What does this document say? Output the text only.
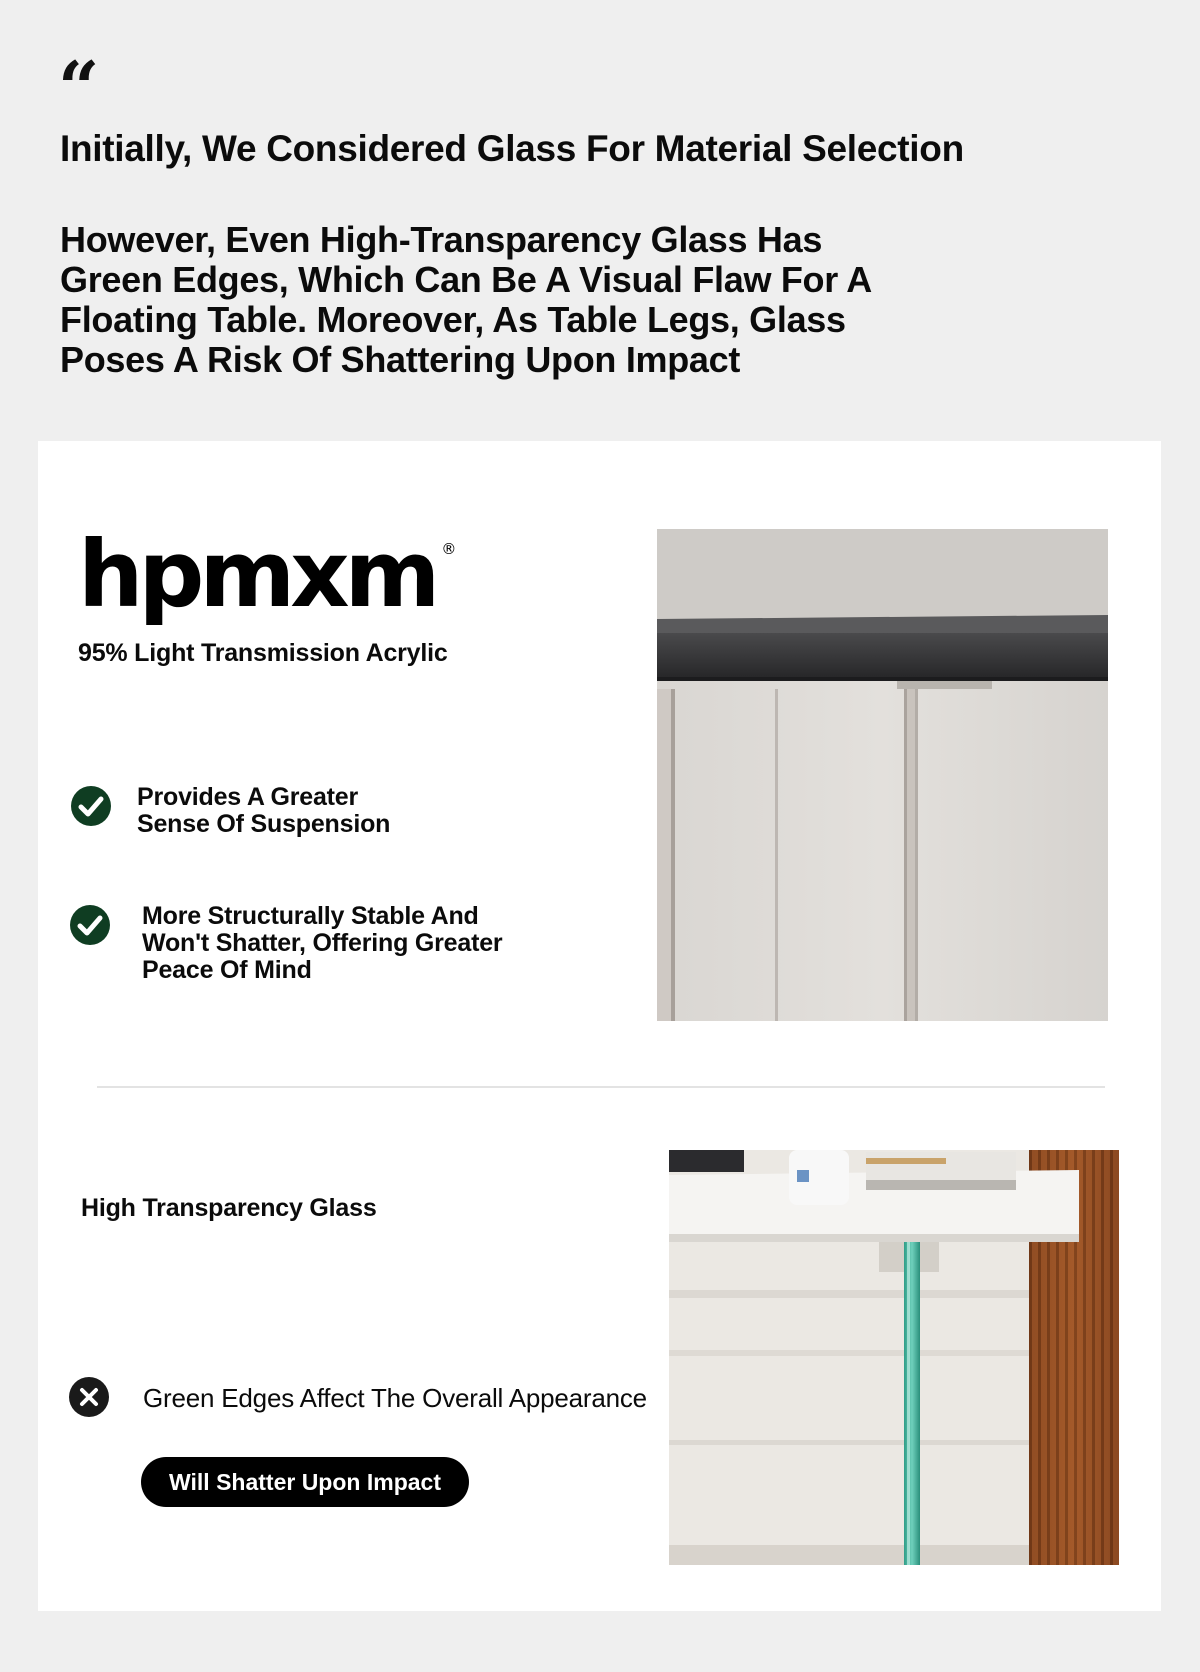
“
Initially, We Considered Glass For Material Selection

However, Even High-Transparency Glass Has Green Edges, Which Can Be A Visual Flaw For A Floating Table. Moreover, As Table Legs, Glass Poses A Risk Of Shattering Upon Impact

hpmxm ®
95% Light Transmission Acrylic
Provides A Greater Sense Of Suspension
More Structurally Stable And Won't Shatter, Offering Greater Peace Of Mind
High Transparency Glass
Green Edges Affect The Overall Appearance
Will Shatter Upon Impact
